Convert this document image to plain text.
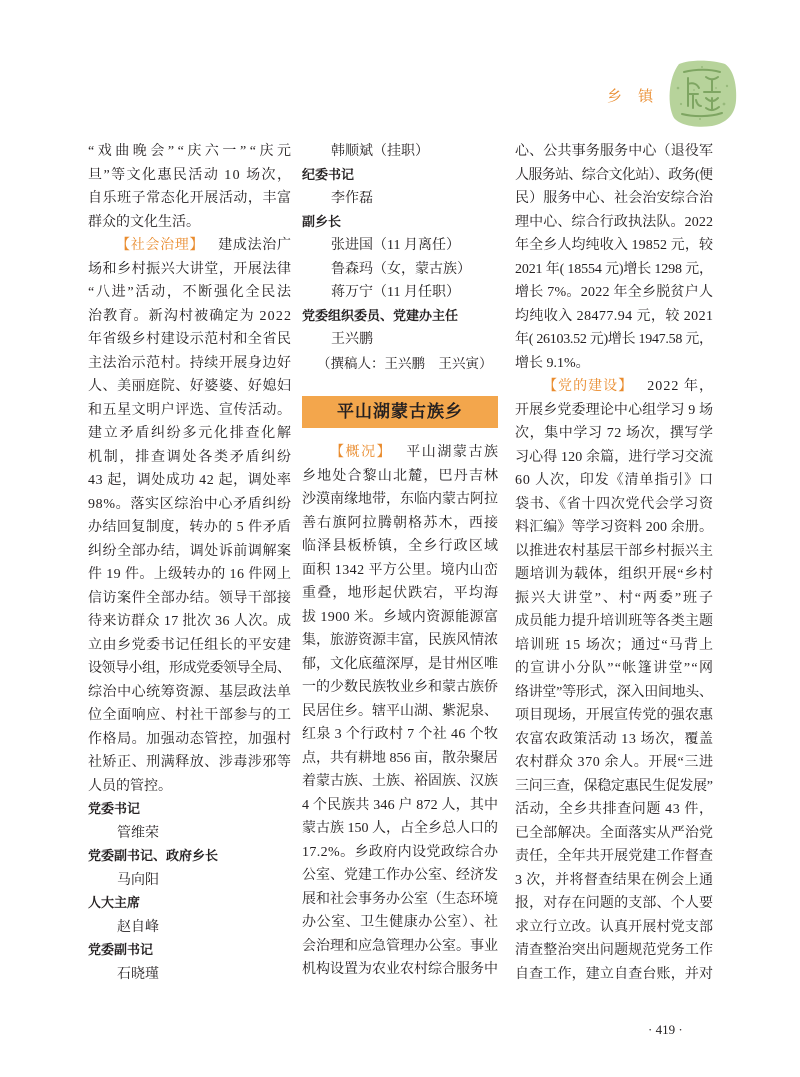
乡 镇
“戏曲晚会”“庆六一”“庆元
旦”等文化惠民活动 10 场次，
自乐班子常态化开展活动，丰富
群众的文化生活。
【社会治理】 建成法治广
场和乡村振兴大讲堂，开展法律
“八进”活动，不断强化全民法
治教育。新沟村被确定为 2022
年省级乡村建设示范村和全省民
主法治示范村。持续开展身边好
人、美丽庭院、好婆婆、好媳妇
和五星文明户评选、宣传活动。
建立矛盾纠纷多元化排查化解
机制，排查调处各类矛盾纠纷
43 起，调处成功 42 起，调处率
98%。落实区综治中心矛盾纠纷
办结回复制度，转办的 5 件矛盾
纠纷全部办结，调处诉前调解案
件 19 件。上级转办的 16 件网上
信访案件全部办结。领导干部接
待来访群众 17 批次 36 人次。成
立由乡党委书记任组长的平安建
设领导小组，形成党委领导全局、
综治中心统筹资源、基层政法单
位全面响应、村社干部参与的工
作格局。加强动态管控，加强村
社矫正、刑满释放、涉毒涉邪等
人员的管控。
党委书记
管维荣
党委副书记、政府乡长
马向阳
人大主席
赵自峰
党委副书记
石晓瑾
韩顺斌（挂职）
纪委书记
李作磊
副乡长
张进国（11 月离任）
鲁森玛（女，蒙古族）
蒋万宁（11 月任职）
党委组织委员、党建办主任
王兴鹏
（撰稿人：王兴鹏　王兴寅）
平山湖蒙古族乡
【概况】 平山湖蒙古族
乡地处合黎山北麓，巴丹吉林
沙漠南缘地带，东临内蒙古阿拉
善右旗阿拉腾朝格苏木，西接
临泽县板桥镇，全乡行政区域
面积 1342 平方公里。境内山峦
重叠，地形起伏跌宕，平均海
拔 1900 米。乡域内资源能源富
集，旅游资源丰富，民族风情浓
郁，文化底蕴深厚，是甘州区唯
一的少数民族牧业乡和蒙古族侨
民居住乡。辖平山湖、紫泥泉、
红泉 3 个行政村 7 个社 46 个牧
点，共有耕地 856 亩，散杂聚居
着蒙古族、土族、裕固族、汉族
4 个民族共 346 户 872 人，其中
蒙古族 150 人，占全乡总人口的
17.2%。乡政府内设党政综合办
公室、党建工作办公室、经济发
展和社会事务办公室（生态环境
办公室、卫生健康办公室）、社
会治理和应急管理办公室。事业
机构设置为农业农村综合服务中
心、公共事务服务中心（退役军
人服务站、综合文化站）、政务(便
民）服务中心、社会治安综合治
理中心、综合行政执法队。2022
年全乡人均纯收入 19852 元，较
2021 年( 18554 元)增长 1298 元，
增长 7%。2022 年全乡脱贫户人
均纯收入 28477.94 元，较 2021
年( 26103.52 元)增长 1947.58 元，
增长 9.1%。
【党的建设】 2022 年，
开展乡党委理论中心组学习 9 场
次，集中学习 72 场次，撰写学
习心得 120 余篇，进行学习交流
60 人次，印发《清单指引》口
袋书、《省十四次党代会学习资
料汇编》等学习资料 200 余册。
以推进农村基层干部乡村振兴主
题培训为载体，组织开展“乡村
振兴大讲堂”、村“两委”班子
成员能力提升培训班等各类主题
培训班 15 场次；通过“马背上
的宣讲小分队”“帐篷讲堂”“网
络讲堂”等形式，深入田间地头、
项目现场，开展宣传党的强农惠
农富农政策活动 13 场次，覆盖
农村群众 370 余人。开展“三进
三问三查，保稳定惠民生促发展”
活动，全乡共排查问题 43 件，
已全部解决。全面落实从严治党
责任，全年共开展党建工作督查
3 次，并将督查结果在例会上通
报，对存在问题的支部、个人要
求立行立改。认真开展村党支部
清查整治突出问题规范党务工作
自查工作，建立自查台账，并对
· 419 ·
